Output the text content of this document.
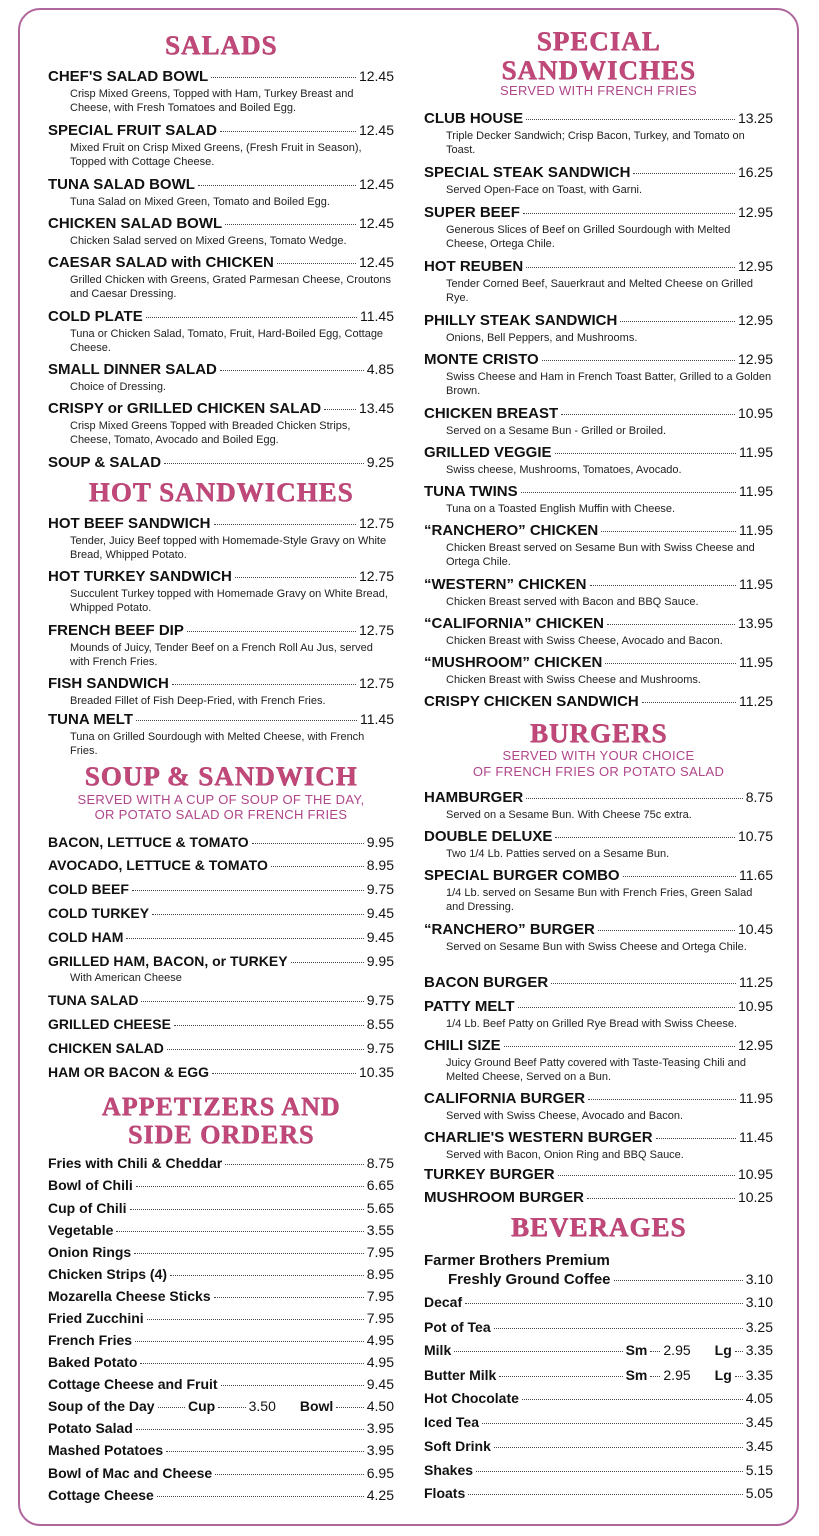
SALADS
CHEF'S SALAD BOWL	12.45
Crisp Mixed Greens, Topped with Ham, Turkey Breast and Cheese, with Fresh Tomatoes and Boiled Egg.
SPECIAL FRUIT SALAD	12.45
Mixed Fruit on Crisp Mixed Greens, (Fresh Fruit in Season), Topped with Cottage Cheese.
TUNA SALAD BOWL	12.45
Tuna Salad on Mixed Green, Tomato and Boiled Egg.
CHICKEN SALAD BOWL	12.45
Chicken Salad served on Mixed Greens, Tomato Wedge.
CAESAR SALAD with CHICKEN	12.45
Grilled Chicken with Greens, Grated Parmesan Cheese, Croutons and Caesar Dressing.
COLD PLATE	11.45
Tuna or Chicken Salad, Tomato, Fruit, Hard-Boiled Egg, Cottage Cheese.
SMALL DINNER SALAD	4.85
Choice of Dressing.
CRISPY or GRILLED CHICKEN SALAD	13.45
Crisp Mixed Greens Topped with Breaded Chicken Strips, Cheese, Tomato, Avocado and Boiled Egg.
SOUP & SALAD	9.25
HOT SANDWICHES
HOT BEEF SANDWICH	12.75
Tender, Juicy Beef topped with Homemade-Style Gravy on White Bread, Whipped Potato.
HOT TURKEY SANDWICH	12.75
Succulent Turkey topped with Homemade Gravy on White Bread, Whipped Potato.
FRENCH BEEF DIP	12.75
Mounds of Juicy, Tender Beef on a French Roll Au Jus, served with French Fries.
FISH SANDWICH	12.75
Breaded Fillet of Fish Deep-Fried, with French Fries.
TUNA MELT	11.45
Tuna on Grilled Sourdough with Melted Cheese, with French Fries.
SOUP & SANDWICH
SERVED WITH A CUP OF SOUP OF THE DAY,
OR POTATO SALAD OR FRENCH FRIES
BACON, LETTUCE & TOMATO	9.95
AVOCADO, LETTUCE & TOMATO	8.95
COLD BEEF	9.75
COLD TURKEY	9.45
COLD HAM	9.45
GRILLED HAM, BACON, or TURKEY	9.95
With American Cheese
TUNA SALAD	9.75
GRILLED CHEESE	8.55
CHICKEN SALAD	9.75
HAM OR BACON & EGG	10.35
APPETIZERS AND
SIDE ORDERS
Fries with Chili & Cheddar	8.75
Bowl of Chili	6.65
Cup of Chili	5.65
Vegetable	3.55
Onion Rings	7.95
Chicken Strips (4)	8.95
Mozarella Cheese Sticks	7.95
Fried Zucchini	7.95
French Fries	4.95
Baked Potato	4.95
Cottage Cheese and Fruit	9.45
Soup of the Day Cup 3.50 Bowl 4.50
Potato Salad	3.95
Mashed Potatoes	3.95
Bowl of Mac and Cheese	6.95
Cottage Cheese	4.25
SPECIAL
SANDWICHES
SERVED WITH FRENCH FRIES
CLUB HOUSE	13.25
Triple Decker Sandwich; Crisp Bacon, Turkey, and Tomato on Toast.
SPECIAL STEAK SANDWICH	16.25
Served Open-Face on Toast, with Garni.
SUPER BEEF	12.95
Generous Slices of Beef on Grilled Sourdough with Melted Cheese, Ortega Chile.
HOT REUBEN	12.95
Tender Corned Beef, Sauerkraut and Melted Cheese on Grilled Rye.
PHILLY STEAK SANDWICH	12.95
Onions, Bell Peppers, and Mushrooms.
MONTE CRISTO	12.95
Swiss Cheese and Ham in French Toast Batter, Grilled to a Golden Brown.
CHICKEN BREAST	10.95
Served on a Sesame Bun - Grilled or Broiled.
GRILLED VEGGIE	11.95
Swiss cheese, Mushrooms, Tomatoes, Avocado.
TUNA TWINS	11.95
Tuna on a Toasted English Muffin with Cheese.
“RANCHERO” CHICKEN	11.95
Chicken Breast served on Sesame Bun with Swiss Cheese and Ortega Chile.
“WESTERN” CHICKEN	11.95
Chicken Breast served with Bacon and BBQ Sauce.
“CALIFORNIA” CHICKEN	13.95
Chicken Breast with Swiss Cheese, Avocado and Bacon.
“MUSHROOM” CHICKEN	11.95
Chicken Breast with Swiss Cheese and Mushrooms.
CRISPY CHICKEN SANDWICH	11.25
BURGERS
SERVED WITH YOUR CHOICE
OF FRENCH FRIES OR POTATO SALAD
HAMBURGER	8.75
Served on a Sesame Bun. With Cheese 75c extra.
DOUBLE DELUXE	10.75
Two 1/4 Lb. Patties served on a Sesame Bun.
SPECIAL BURGER COMBO	11.65
1/4 Lb. served on Sesame Bun with French Fries, Green Salad and Dressing.
“RANCHERO” BURGER	10.45
Served on Sesame Bun with Swiss Cheese and Ortega Chile.
BACON BURGER	11.25
PATTY MELT	10.95
1/4 Lb. Beef Patty on Grilled Rye Bread with Swiss Cheese.
CHILI SIZE	12.95
Juicy Ground Beef Patty covered with Taste-Teasing Chili and Melted Cheese, Served on a Bun.
CALIFORNIA BURGER	11.95
Served with Swiss Cheese, Avocado and Bacon.
CHARLIE'S WESTERN BURGER	11.45
Served with Bacon, Onion Ring and BBQ Sauce.
TURKEY BURGER	10.95
MUSHROOM BURGER	10.25
BEVERAGES
Farmer Brothers Premium
Freshly Ground Coffee	3.10
Decaf	3.10
Pot of Tea	3.25
Milk	Sm 2.95 Lg 3.35
Butter Milk	Sm 2.95 Lg 3.35
Hot Chocolate	4.05
Iced Tea	3.45
Soft Drink	3.45
Shakes	5.15
Floats	5.05
